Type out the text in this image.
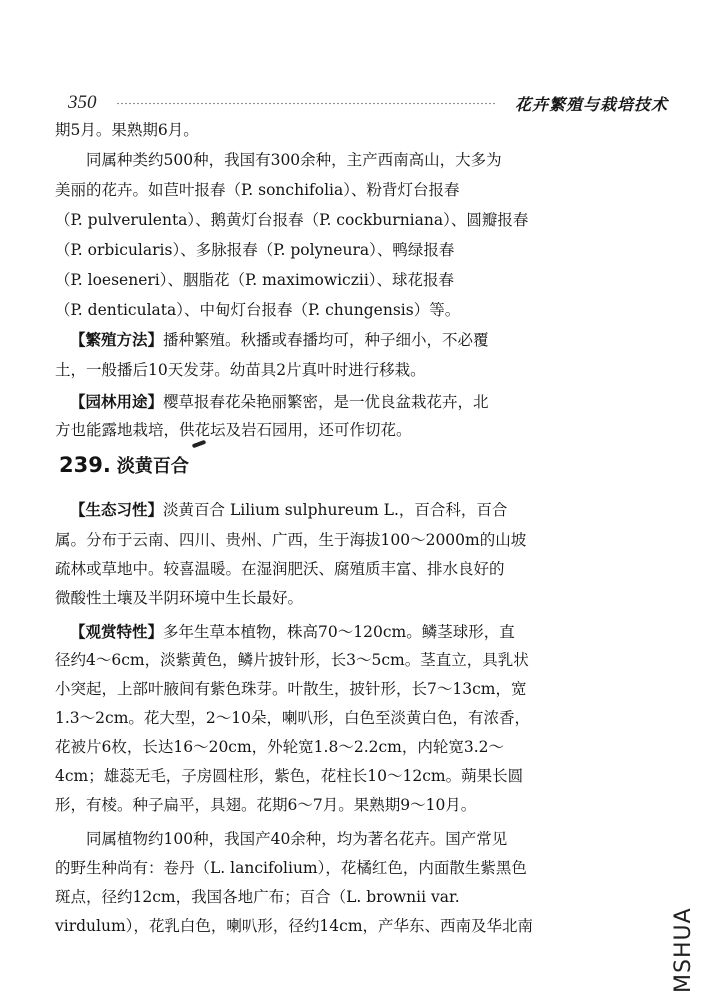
350	花卉繁殖与栽培技术

期5月。果熟期6月。

同属种类约500种，我国有300余种，主产西南高山，大多为

美丽的花卉。如苣叶报春（P. sonchifolia）、粉背灯台报春

（P. pulverulenta）、鹅黄灯台报春（P. cockburniana）、圆瓣报春

（P. orbicularis）、多脉报春（P. polyneura）、鸭绿报春

（P. loeseneri）、胭脂花（P. maximowiczii）、球花报春

（P. denticulata）、中甸灯台报春（P. chungensis）等。

【繁殖方法】播种繁殖。秋播或春播均可，种子细小，不必覆

土，一般播后10天发芽。幼苗具2片真叶时进行移栽。

【园林用途】樱草报春花朵艳丽繁密，是一优良盆栽花卉，北

方也能露地栽培，供花坛及岩石园用，还可作切花。

239. 淡黄百合

【生态习性】淡黄百合 Lilium sulphureum L.，百合科，百合

属。分布于云南、四川、贵州、广西，生于海拔100～2000m的山坡

疏林或草地中。较喜温暖。在湿润肥沃、腐殖质丰富、排水良好的

微酸性土壤及半阴环境中生长最好。

【观赏特性】多年生草本植物，株高70～120cm。鳞茎球形，直

径约4～6cm，淡紫黄色，鳞片披针形，长3～5cm。茎直立，具乳状

小突起，上部叶腋间有紫色珠芽。叶散生，披针形，长7～13cm，宽

1.3～2cm。花大型，2～10朵，喇叭形，白色至淡黄白色，有浓香，

花被片6枚，长达16～20cm，外轮宽1.8～2.2cm，内轮宽3.2～

4cm；雄蕊无毛，子房圆柱形，紫色，花柱长10～12cm。蒴果长圆

形，有棱。种子扁平，具翅。花期6～7月。果熟期9～10月。

同属植物约100种，我国产40余种，均为著名花卉。国产常见

的野生种尚有：卷丹（L. lancifolium），花橘红色，内面散生紫黑色

斑点，径约12cm，我国各地广布；百合（L. brownii var.

virdulum），花乳白色，喇叭形，径约14cm，产华东、西南及华北南	MSHUA
